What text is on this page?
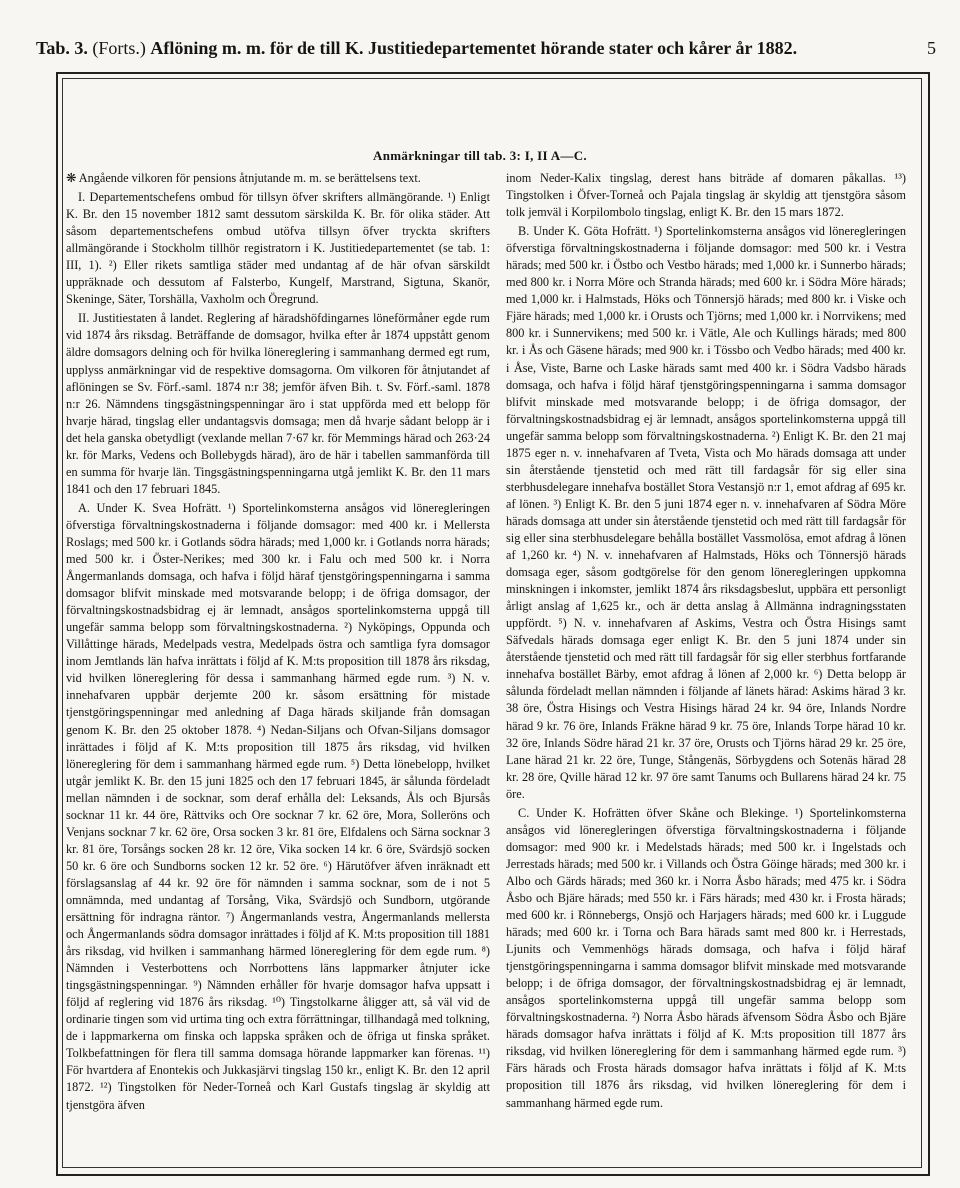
Tab. 3. (Forts.) Aflöning m. m. för de till K. Justitiedepartementet hörande stater och kårer år 1882.	5
Anmärkningar till tab. 3: I, II A—C.

❋ Angående vilkoren för pensions åtnjutande m. m. se berättelsens text.

I. Departementschefens ombud för tillsyn öfver skrifters allmängörande. ¹) Enligt K. Br. den 15 november 1812 samt dessutom särskilda K. Br. för olika städer. Att såsom departementschefens ombud utöfva tillsyn öfver tryckta skrifters allmängörande i Stockholm tillhör registratorn i K. Justitiedepartementet (se tab. 1: III, 1). ²) Eller rikets samtliga städer med undantag af de här ofvan särskildt uppräknade och dessutom af Falsterbo, Kungelf, Marstrand, Sigtuna, Skanör, Skeninge, Säter, Torshälla, Vaxholm och Öregrund.

II. Justitiestaten å landet. Reglering af häradshöfdingarnes löneförmåner egde rum vid 1874 års riksdag. Beträffande de domsagor, hvilka efter år 1874 uppstått genom äldre domsagors delning och för hvilka lönereglering i sammanhang dermed egt rum, upplyss anmärkningar vid de respektive domsagorna. Om vilkoren för åtnjutandet af aflöningen se Sv. Förf.-saml. 1874 n:r 38; jemför äfven Bih. t. Sv. Förf.-saml. 1878 n:r 26. Nämndens tingsgästningspenningar äro i stat uppförda med ett belopp för hvarje härad, tingslag eller undantagsvis domsaga; men då hvarje sådant belopp är i det hela ganska obetydligt (vexlande mellan 7·67 kr. för Memmings härad och 263·24 kr. för Marks, Vedens och Bollebygds härad), äro de här i tabellen sammanförda till en summa för hvarje län. Tingsgästningspenningarna utgå jemlikt K. Br. den 11 mars 1841 och den 17 februari 1845.

A. Under K. Svea Hofrätt. ¹) Sportelinkomsterna ansågos vid löneregleringen öfverstiga förvaltningskostnaderna i följande domsagor: med 400 kr. i Mellersta Roslags; med 500 kr. i Gotlands södra härads; med 1,000 kr. i Gotlands norra härads; med 500 kr. i Öster-Nerikes; med 300 kr. i Falu och med 500 kr. i Norra Ångermanlands domsaga, och hafva i följd häraf tjenstgöringspenningarna i samma domsagor blifvit minskade med motsvarande belopp; i de öfriga domsagor, der förvaltningskostnadsbidrag ej är lemnadt, ansågos sportelinkomsterna uppgå till ungefär samma belopp som förvaltningskostnaderna. ²) Nyköpings, Oppunda och Villåttinge härads, Medelpads vestra, Medelpads östra och samtliga fyra domsagor inom Jemtlands län hafva inrättats i följd af K. M:ts proposition till 1878 års riksdag, vid hvilken lönereglering för dessa i sammanhang härmed egde rum. ³) N. v. innehafvaren uppbär derjemte 200 kr. såsom ersättning för mistade tjenstgöringspenningar med anledning af Daga härads skiljande från domsagan genom K. Br. den 25 oktober 1878. ⁴) Nedan-Siljans och Ofvan-Siljans domsagor inrättades i följd af K. M:ts proposition till 1875 års riksdag, vid hvilken lönereglering för dem i sammanhang härmed egde rum. ⁵) Detta lönebelopp, hvilket utgår jemlikt K. Br. den 15 juni 1825 och den 17 februari 1845, är sålunda fördeladt mellan nämnden i de socknar, som deraf erhålla del: Leksands, Åls och Bjursås socknar 11 kr. 44 öre, Rättviks och Ore socknar 7 kr. 62 öre, Mora, Solleröns och Venjans socknar 7 kr. 62 öre, Orsa socken 3 kr. 81 öre, Elfdalens och Särna socknar 3 kr. 81 öre, Torsångs socken 28 kr. 12 öre, Vika socken 14 kr. 6 öre, Svärdsjö socken 50 kr. 6 öre och Sundborns socken 12 kr. 52 öre. ⁶) Härutöfver äfven inräknadt ett förslagsanslag af 44 kr. 92 öre för nämnden i samma socknar, som de i not 5 omnämnda, med undantag af Torsång, Vika, Svärdsjö och Sundborn, utgörande ersättning för indragna räntor. ⁷) Ångermanlands vestra, Ångermanlands mellersta och Ångermanlands södra domsagor inrättades i följd af K. M:ts proposition till 1881 års riksdag, vid hvilken i sammanhang härmed lönereglering för dem egde rum. ⁸) Nämnden i Vesterbottens och Norrbottens läns lappmarker åtnjuter icke tingsgästningspenningar. ⁹) Nämnden erhåller för hvarje domsagor hafva uppsatt i följd af reglering vid 1876 års riksdag. ¹⁰) Tingstolkarne åligger att, så väl vid de ordinarie tingen som vid urtima ting och extra förrättningar, tillhandagå med tolkning, de i lappmarkerna om finska och lappska språken och de öfriga ut finska språket. Tolkbefattningen för flera till samma domsaga hörande lappmarker kan förenas. ¹¹) För hvartdera af Enontekis och Jukkasjärvi tingslag 150 kr., enligt K. Br. den 12 april 1872. ¹²) Tingstolken för Neder-Torneå och Karl Gustafs tingslag är skyldig att tjenstgöra äfven

inom Neder-Kalix tingslag, derest hans biträde af domaren påkallas. ¹³) Tingstolken i Öfver-Torneå och Pajala tingslag är skyldig att tjenstgöra såsom tolk jemväl i Korpilombolo tingslag, enligt K. Br. den 15 mars 1872.

B. Under K. Göta Hofrätt. ¹) Sportelinkomsterna ansågos vid löneregleringen öfverstiga förvaltningskostnaderna i följande domsagor: med 500 kr. i Vestra härads; med 500 kr. i Östbo och Vestbo härads; med 1,000 kr. i Sunnerbo härads; med 800 kr. i Norra Möre och Stranda härads; med 600 kr. i Södra Möre härads; med 1,000 kr. i Halmstads, Höks och Tönnersjö härads; med 800 kr. i Viske och Fjäre härads; med 1,000 kr. i Orusts och Tjörns; med 1,000 kr. i Norrvikens; med 800 kr. i Sunnervikens; med 500 kr. i Vätle, Ale och Kullings härads; med 800 kr. i Ås och Gäsene härads; med 900 kr. i Tössbo och Vedbo härads; med 400 kr. i Åse, Viste, Barne och Laske härads samt med 400 kr. i Södra Vadsbo härads domsaga, och hafva i följd häraf tjenstgöringspenningarna i samma domsagor blifvit minskade med motsvarande belopp; i de öfriga domsagor, der förvaltningskostnadsbidrag ej är lemnadt, ansågos sportelinkomsterna uppgå till ungefär samma belopp som förvaltningskostnaderna. ²) Enligt K. Br. den 21 maj 1875 eger n. v. innehafvaren af Tveta, Vista och Mo härads domsaga att under sin återstående tjenstetid och med rätt till fardagsår för sig eller sina sterbhusdelegare innehafva bostället Stora Vestansjö n:r 1, emot afdrag af 695 kr. af lönen. ³) Enligt K. Br. den 5 juni 1874 eger n. v. innehafvaren af Södra Möre härads domsaga att under sin återstående tjenstetid och med rätt till fardagsår för sig eller sina sterbhusdelegare behålla bostället Vassmolösa, emot afdrag å lönen af 1,260 kr. ⁴) N. v. innehafvaren af Halmstads, Höks och Tönnersjö härads domsaga eger, såsom godtgörelse för den genom löneregleringen uppkomna minskningen i inkomster, jemlikt 1874 års riksdagsbeslut, uppbära ett personligt årligt anslag af 1,625 kr., och är detta anslag å Allmänna indragningsstaten uppfördt. ⁵) N. v. innehafvaren af Askims, Vestra och Östra Hisings samt Säfvedals härads domsaga eger enligt K. Br. den 5 juni 1874 under sin återstående tjenstetid och med rätt till fardagsår för sig eller sterbhus fortfarande innehafva bostället Bärby, emot afdrag å lönen af 2,000 kr. ⁶) Detta belopp är sålunda fördeladt mellan nämnden i följande af länets härad: Askims härad 3 kr. 38 öre, Östra Hisings och Vestra Hisings härad 24 kr. 94 öre, Inlands Nordre härad 9 kr. 76 öre, Inlands Fräkne härad 9 kr. 75 öre, Inlands Torpe härad 10 kr. 32 öre, Inlands Södre härad 21 kr. 37 öre, Orusts och Tjörns härad 29 kr. 25 öre, Lane härad 21 kr. 22 öre, Tunge, Stångenäs, Sörbygdens och Sotenäs härad 28 kr. 28 öre, Qville härad 12 kr. 97 öre samt Tanums och Bullarens härad 24 kr. 75 öre.

C. Under K. Hofrätten öfver Skåne och Blekinge. ¹) Sportelinkomsterna ansågos vid löneregleringen öfverstiga förvaltningskostnaderna i följande domsagor: med 900 kr. i Medelstads härads; med 500 kr. i Ingelstads och Jerrestads härads; med 500 kr. i Villands och Östra Göinge härads; med 300 kr. i Albo och Gärds härads; med 360 kr. i Norra Åsbo härads; med 475 kr. i Södra Åsbo och Bjäre härads; med 550 kr. i Färs härads; med 430 kr. i Frosta härads; med 600 kr. i Rönnebergs, Onsjö och Harjagers härads; med 600 kr. i Luggude härads; med 600 kr. i Torna och Bara härads samt med 800 kr. i Herrestads, Ljunits och Vemmenhögs härads domsaga, och hafva i följd häraf tjenstgöringspenningarna i samma domsagor blifvit minskade med motsvarande belopp; i de öfriga domsagor, der förvaltningskostnadsbidrag ej är lemnadt, ansågos sportelinkomsterna uppgå till ungefär samma belopp som förvaltningskostnaderna. ²) Norra Åsbo härads äfvensom Södra Åsbo och Bjäre härads domsagor hafva inrättats i följd af K. M:ts proposition till 1877 års riksdag, vid hvilken lönereglering för dem i sammanhang härmed egde rum. ³) Färs härads och Frosta härads domsagor hafva inrättats i följd af K. M:ts proposition till 1876 års riksdag, vid hvilken lönereglering för dem i sammanhang härmed egde rum.
